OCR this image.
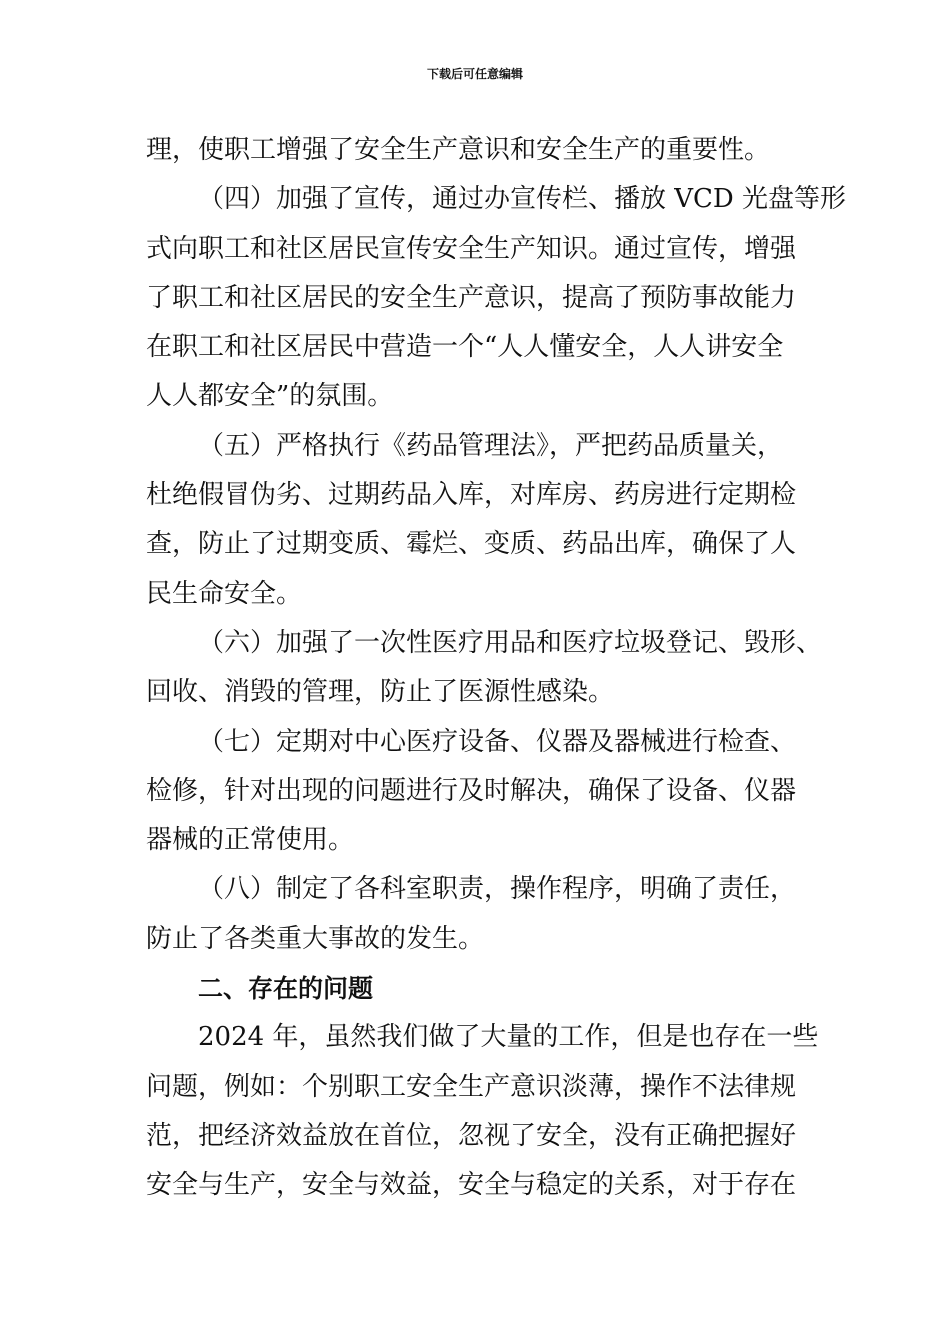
下载后可任意编辑
理，使职工增强了安全生产意识和安全生产的重要性。
（四）加强了宣传，通过办宣传栏、播放 VCD 光盘等形
式向职工和社区居民宣传安全生产知识。通过宣传，增强
了职工和社区居民的安全生产意识，提高了预防事故能力
在职工和社区居民中营造一个“人人懂安全，人人讲安全
人人都安全”的氛围。
（五）严格执行《药品管理法》，严把药品质量关，
杜绝假冒伪劣、过期药品入库，对库房、药房进行定期检
查，防止了过期变质、霉烂、变质、药品出库，确保了人
民生命安全。
（六）加强了一次性医疗用品和医疗垃圾登记、毁形、
回收、消毁的管理，防止了医源性感染。
（七）定期对中心医疗设备、仪器及器械进行检查、
检修，针对出现的问题进行及时解决，确保了设备、仪器
器械的正常使用。
（八）制定了各科室职责，操作程序，明确了责任，
防止了各类重大事故的发生。
二、存在的问题
2024 年，虽然我们做了大量的工作，但是也存在一些
问题，例如：个别职工安全生产意识淡薄，操作不法律规
范，把经济效益放在首位，忽视了安全，没有正确把握好
安全与生产，安全与效益，安全与稳定的关系，对于存在
